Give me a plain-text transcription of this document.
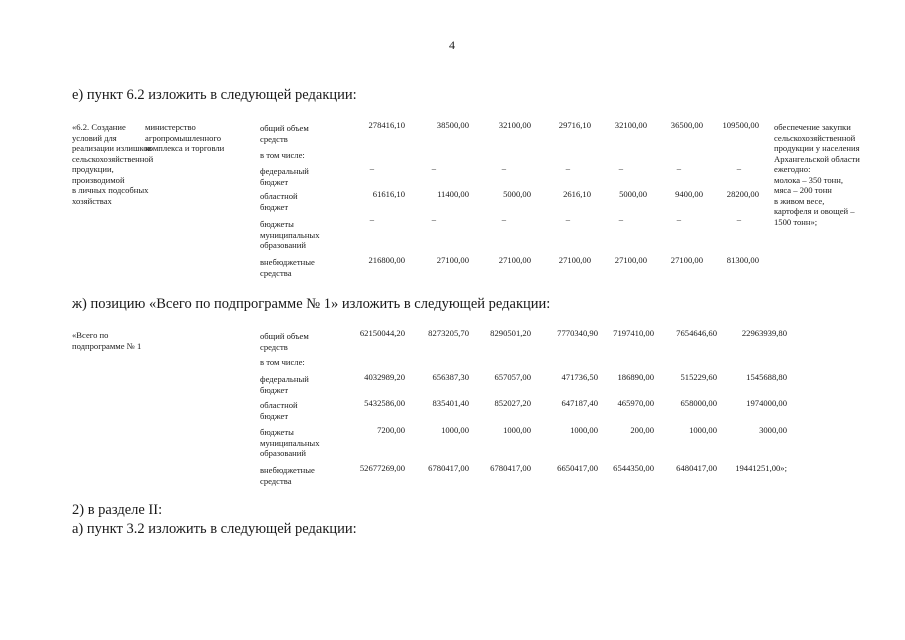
4
е) пункт 6.2 изложить в следующей редакции:
«6.2. Создание
условий для
реализации излишков
сельскохозяйственной
продукции,
производимой
в личных подсобных
хозяйствах
министерство
агропромышленного
комплекса и торговли
обеспечение закупки
сельскохозяйственной
продукции у населения
Архангельской области
ежегодно:
молока – 350 тонн,
мяса – 200 тонн
в живом весе,
картофеля и овощей –
1500 тонн»;
общий объем
средств
278416,10	38500,00	32100,00	29716,10	32100,00	36500,00 109500,00
в том числе:
федеральный
бюджет
–	–	–	–	–	–	–
областной
бюджет
61616,10	11400,00	5000,00	2616,10	5000,00	9400,00	28200,00
бюджеты
муниципальных
образований
–	–	–	–	–	–	–
внебюджетные
средства
216800,00	27100,00	27100,00	27100,00	27100,00	27100,00	81300,00
ж) позицию «Всего по подпрограмме № 1» изложить в следующей редакции:
«Всего по
подпрограмме № 1
общий объем
средств
62150044,20	8273205,70 8290501,20	7770340,90 7197410,00	7654646,60	22963939,80
в том числе:
федеральный
бюджет
4032989,20	656387,30	657057,00	471736,50 186890,00	515229,60	1545688,80
областной
бюджет
5432586,00	835401,40	852027,20	647187,40 465970,00	658000,00	1974000,00
бюджеты
муниципальных
образований
7200,00	1000,00	1000,00	1000,00	200,00	1000,00	3000,00
внебюджетные
средства
52677269,00	6780417,00 6780417,00	6650417,00 6544350,00	6480417,00 19441251,00»;
2) в разделе II:
а) пункт 3.2 изложить в следующей редакции:
